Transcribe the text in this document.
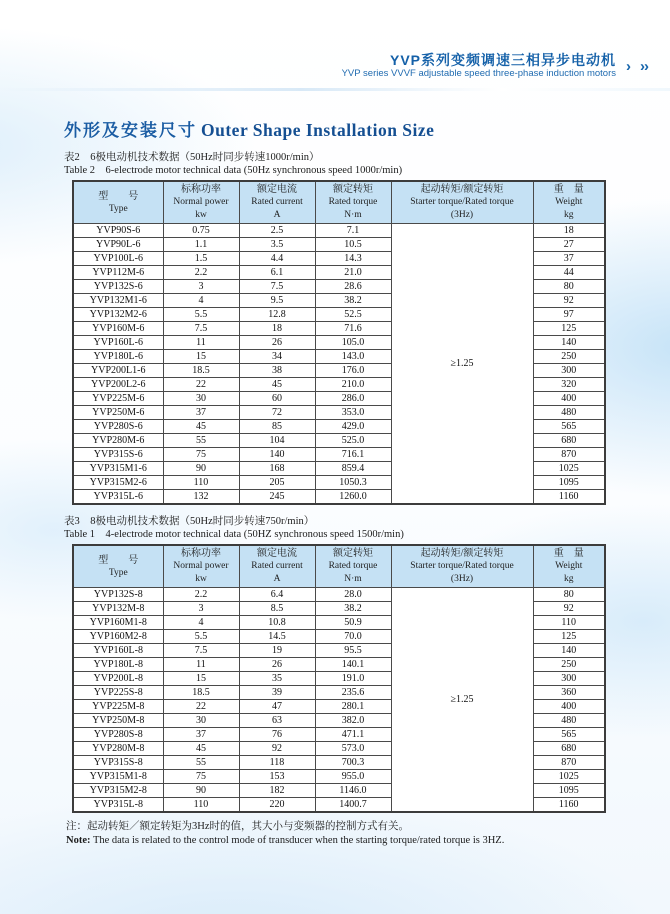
YVP系列变频调速三相异步电动机
YVP series VVVF adjustable speed three-phase induction motors › ››
外形及安装尺寸 Outer Shape Installation Size
表2　6极电动机技术数据（50Hz时同步转速1000r/min）
Table 2　6-electrode motor technical data (50Hz synchronous speed 1000r/min)
型　　号
Type	标称功率
Normal power
kw	额定电流
Rated current
A	额定转矩
Rated torque
N·m	起动转矩/额定转矩
Starter torque/Rated torque
(3Hz)	重　量
Weight
kg

YVP90S-6	0.75	2.5	7.1	≥1.25	18
YVP90L-6	1.1	3.5	10.5		27
YVP100L-6	1.5	4.4	14.3		37
YVP112M-6	2.2	6.1	21.0		44
YVP132S-6	3	7.5	28.6		80
YVP132M1-6	4	9.5	38.2		92
YVP132M2-6	5.5	12.8	52.5		97
YVP160M-6	7.5	18	71.6		125
YVP160L-6	11	26	105.0		140
YVP180L-6	15	34	143.0		250
YVP200L1-6	18.5	38	176.0		300
YVP200L2-6	22	45	210.0		320
YVP225M-6	30	60	286.0		400
YVP250M-6	37	72	353.0		480
YVP280S-6	45	85	429.0		565
YVP280M-6	55	104	525.0		680
YVP315S-6	75	140	716.1		870
YVP315M1-6	90	168	859.4		1025
YVP315M2-6	110	205	1050.3		1095
YVP315L-6	132	245	1260.0		1160
表3　8极电动机技术数据（50Hz时同步转速750r/min）
Table 1　4-electrode motor technical data (50HZ synchronous speed 1500r/min)
型　　号
Type	标称功率
Normal power
kw	额定电流
Rated current
A	额定转矩
Rated torque
N·m	起动转矩/额定转矩
Starter torque/Rated torque
(3Hz)	重　量
Weight
kg

YVP132S-8	2.2	6.4	28.0	≥1.25	80
YVP132M-8	3	8.5	38.2		92
YVP160M1-8	4	10.8	50.9		110
YVP160M2-8	5.5	14.5	70.0		125
YVP160L-8	7.5	19	95.5		140
YVP180L-8	11	26	140.1		250
YVP200L-8	15	35	191.0		300
YVP225S-8	18.5	39	235.6		360
YVP225M-8	22	47	280.1		400
YVP250M-8	30	63	382.0		480
YVP280S-8	37	76	471.1		565
YVP280M-8	45	92	573.0		680
YVP315S-8	55	118	700.3		870
YVP315M1-8	75	153	955.0		1025
YVP315M2-8	90	182	1146.0		1095
YVP315L-8	110	220	1400.7		1160
注：起动转矩／额定转矩为3Hz时的值，其大小与变频器的控制方式有关。
Note: The data is related to the control mode of transducer when the starting torque/rated torque is 3HZ.
